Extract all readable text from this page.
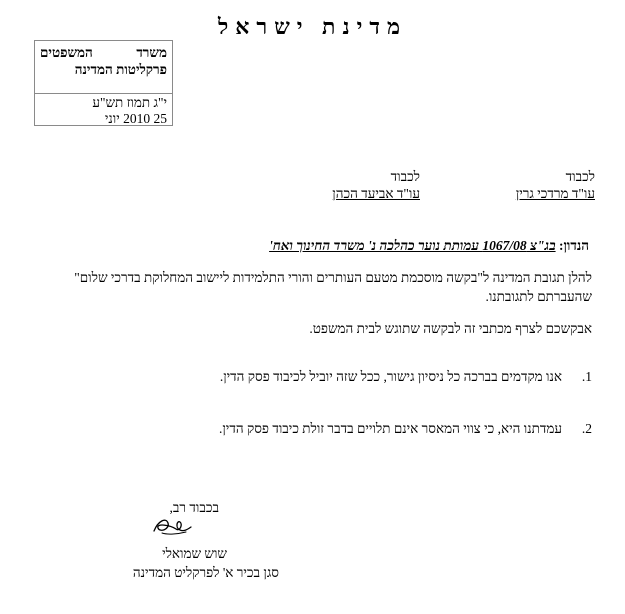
מדינת ישראל
משרד
המשפטים
פרקליטות המדינה
י"ג תמוז תש"ע
2010 25 יוני
לכבוד
עו"ד מרדכי גרין
לכבוד
עו"ד אביעד הכהן
הנדון: בג"צ 1067/08 עמותת נוער כהלכה נ' משרד החינוך ואח'
להלן תגובת המדינה ל"בקשה מוסכמת מטעם העותרים והורי התלמידות ליישוב המחלוקת בדרכי שלום" שהעברתם לתגובתנו.
אבקשכם לצרף מכתבי זה לבקשה שתוגש לבית המשפט.
1.אנו מקדמים בברכה כל ניסיון גישור, ככל שזה יוביל לכיבוד פסק הדין.
2.עמדתנו היא, כי צווי המאסר אינם תלויים בדבר זולת כיבוד פסק הדין.
בכבוד רב,
שוש שמואלי
סגן בכיר א' לפרקליט המדינה
